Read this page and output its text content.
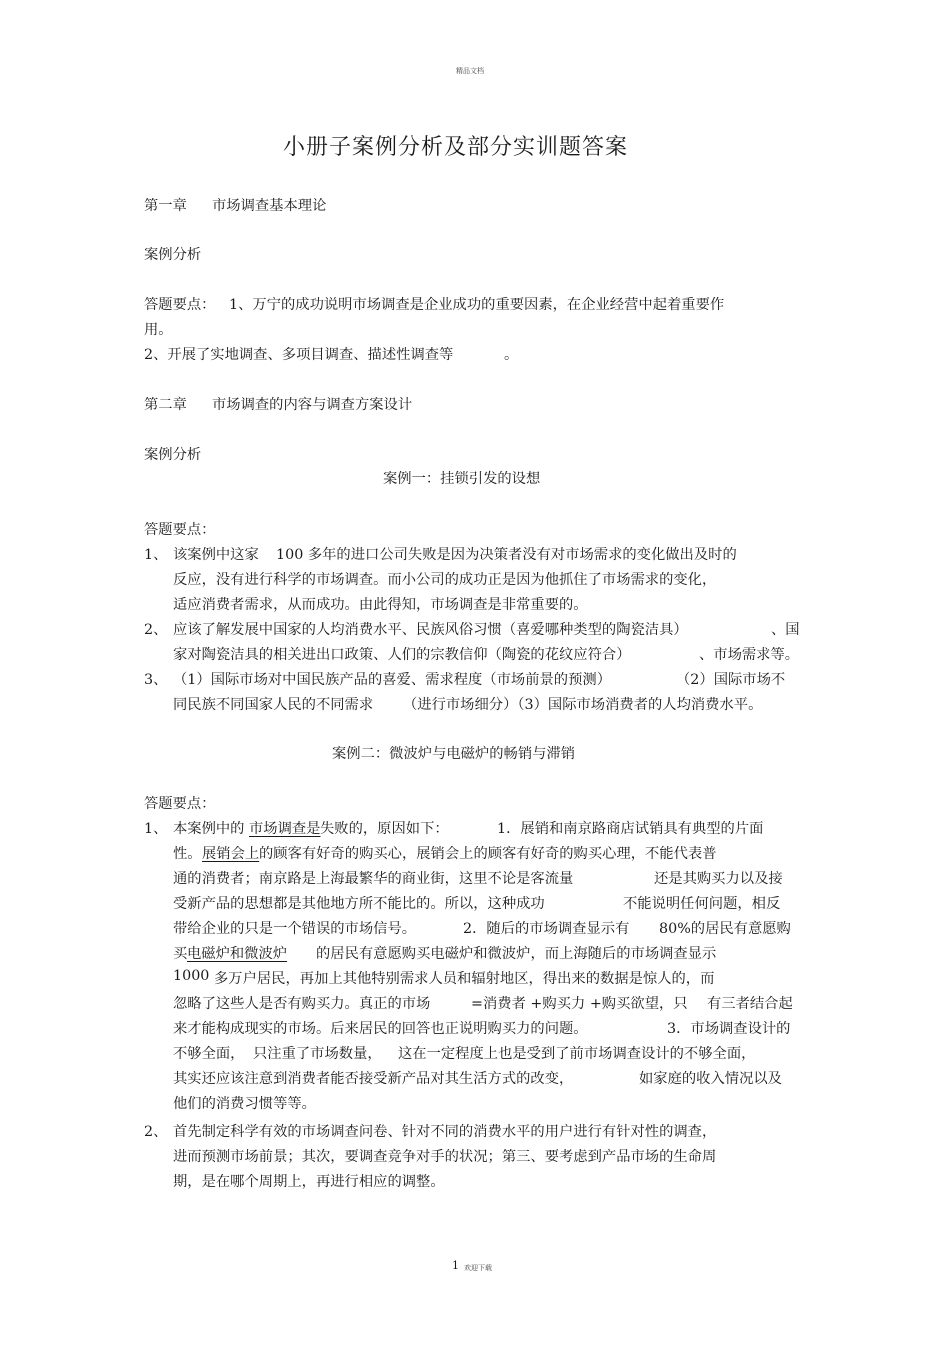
精品文档
小册子案例分析及部分实训题答案
第一章 市场调查基本理论
案例分析
答题要点： 1、万宁的成功说明市场调查是企业成功的重要因素，在企业经营中起着重要作
用。
2、开展了实地调查、多项目调查、描述性调查等	。
第二章 市场调查的内容与调查方案设计
案例分析
案例一：挂锁引发的设想
答题要点：
1、 该案例中这家 100 多年的进口公司失败是因为决策者没有对市场需求的变化做出及时的
反应，没有进行科学的市场调查。而小公司的成功正是因为他抓住了市场需求的变化，
适应消费者需求，从而成功。由此得知，市场调查是非常重要的。
2、 应该了解发展中国家的人均消费水平、民族风俗习惯（喜爱哪种类型的陶瓷洁具）	、国
家对陶瓷洁具的相关进出口政策、人们的宗教信仰（陶瓷的花纹应符合）	、市场需求等。
3、 （1）国际市场对中国民族产品的喜爱、需求程度（市场前景的预测）	（2）国际市场不
同民族不同国家人民的不同需求 （进行市场细分）（3）国际市场消费者的人均消费水平。
案例二：微波炉与电磁炉的畅销与滞销
答题要点：
1、 本案例中的 市场调查是 失败的，原因如下：	1．展销和南京路商店试销具有典型的片面
性。 展销会上 的顾客有好奇的购买心，展销会上的顾客有好奇的购买心理，不能代表普
通的消费者；南京路是上海最繁华的商业街，这里不论是客流量	还是其购买力以及接
受新产品的思想都是其他地方所不能比的。所以，这种成功	不能说明任何问题，相反
带给企业的只是一个错误的市场信号。	2．随后的市场调查显示有 80%的居民有意愿购
买 电磁炉和微波炉 的居民有意愿购买电磁炉和微波炉，而上海随后的市场调查显示
1000 多万户居民，再加上其他特别需求人员和辐射地区，得出来的数据是惊人的，而
忽略了这些人是否有购买力。真正的市场	=消费者 +购买力 +购买欲望，只 有三者结合起
来才能构成现实的市场。后来居民的回答也正说明购买力的问题。	3．市场调查设计的
不够全面， 只注重了市场数量， 这在一定程度上也是受到了前市场调查设计的不够全面，
其实还应该注意到消费者能否接受新产品对其生活方式的改变，	如家庭的收入情况以及
他们的消费习惯等等。
2、 首先制定科学有效的市场调查问卷、针对不同的消费水平的用户进行有针对性的调查，
进而预测市场前景；其次，要调查竞争对手的状况；第三、要考虑到产品市场的生命周
期，是在哪个周期上，再进行相应的调整。
1 欢迎下载
